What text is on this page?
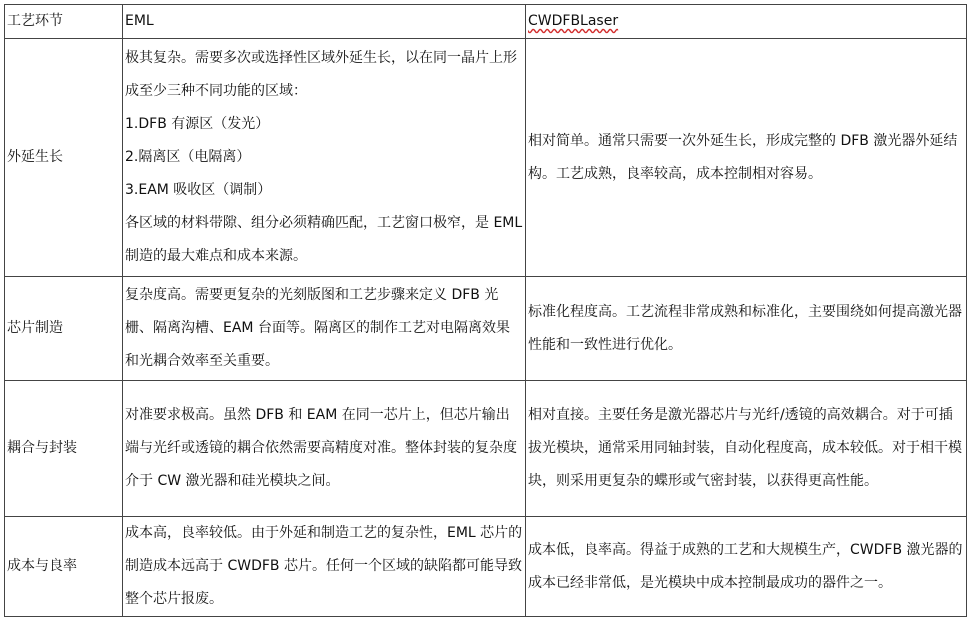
工艺环节	EML	CWDFBLaser
外延生长	极其复杂。需要多次或选择性区域外延生长，以在同一晶片上形成至少三种不同功能的区域：
1.DFB 有源区（发光）
2.隔离区（电隔离）
3.EAM 吸收区（调制）
各区域的材料带隙、组分必须精确匹配，工艺窗口极窄，是 EML 制造的最大难点和成本来源。	相对简单。通常只需要一次外延生长，形成完整的 DFB 激光器外延结构。工艺成熟，良率较高，成本控制相对容易。
芯片制造	复杂度高。需要更复杂的光刻版图和工艺步骤来定义 DFB 光栅、隔离沟槽、EAM 台面等。隔离区的制作工艺对电隔离效果和光耦合效率至关重要。	标准化程度高。工艺流程非常成熟和标准化，主要围绕如何提高激光器性能和一致性进行优化。
耦合与封装	对准要求极高。虽然 DFB 和 EAM 在同一芯片上，但芯片输出端与光纤或透镜的耦合依然需要高精度对准。整体封装的复杂度介于 CW 激光器和硅光模块之间。	相对直接。主要任务是激光器芯片与光纤/透镜的高效耦合。对于可插拔光模块，通常采用同轴封装，自动化程度高，成本较低。对于相干模块，则采用更复杂的蝶形或气密封装，以获得更高性能。
成本与良率	成本高，良率较低。由于外延和制造工艺的复杂性，EML 芯片的制造成本远高于 CWDFB 芯片。任何一个区域的缺陷都可能导致整个芯片报废。	成本低，良率高。得益于成熟的工艺和大规模生产，CWDFB 激光器的成本已经非常低，是光模块中成本控制最成功的器件之一。
